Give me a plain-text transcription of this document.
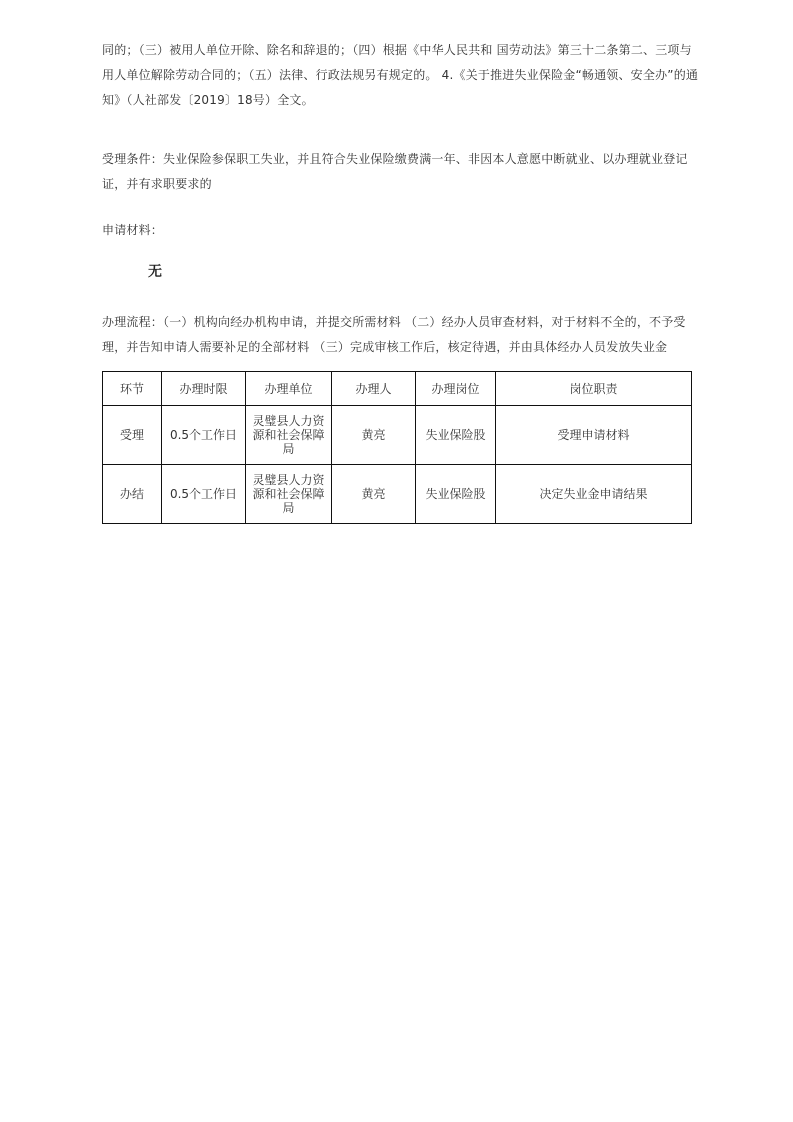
同的；（三）被用人单位开除、除名和辞退的；（四）根据《中华人民共和 国劳动法》第三十二条第二、三项与用人单位解除劳动合同的；（五）法律、行政法规另有规定的。 4.《关于推进失业保险金“畅通领、安全办”的通知》（人社部发〔2019〕18号）全文。

受理条件：失业保险参保职工失业，并且符合失业保险缴费满一年、非因本人意愿中断就业、以办理就业登记证，并有求职要求的

申请材料：

无

办理流程：（一）机构向经办机构申请，并提交所需材料 （二）经办人员审查材料，对于材料不全的，不予受理，并告知申请人需要补足的全部材料 （三）完成审核工作后，核定待遇，并由具体经办人员发放失业金

环节	办理时限	办理单位	办理人	办理岗位	岗位职责
受理	0.5个工作日	灵璧县人力资源和社会保障局	黄亮	失业保险股	受理申请材料
办结	0.5个工作日	灵璧县人力资源和社会保障局	黄亮	失业保险股	决定失业金申请结果
